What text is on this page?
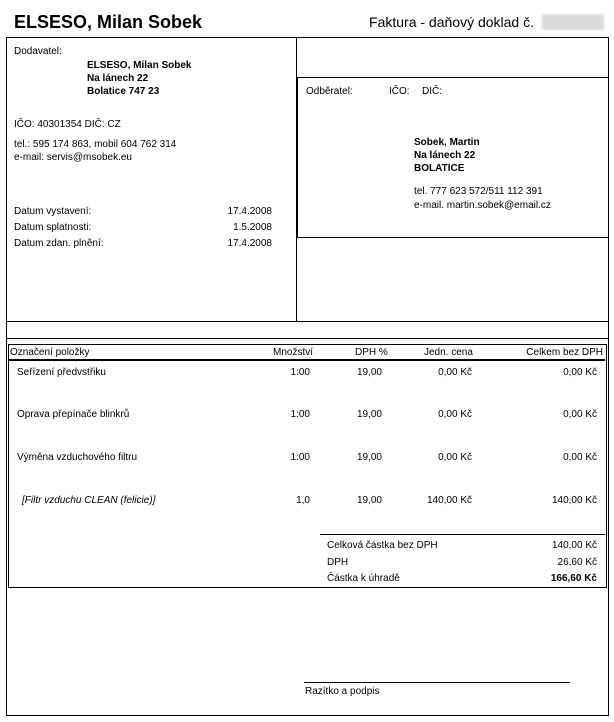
ELSESO, Milan Sobek	Faktura - daňový doklad č.
Dodavatel:
ELSESO, Milan Sobek
Na lánech 22
Bolatice 747 23
IČO: 40301354 DIČ: CZ
tel.: 595 174 863, mobil 604 762 314
e-mail: servis@msobek.eu
Datum vystavení:	17.4.2008
Datum splatnosti:	1.5.2008
Datum zdan. plnění:	17.4.2008
Odběratel:	IČO: DIČ:
Sobek, Martin
Na lánech 22
BOLATICE
tel. 777 623 572/511 112 391
e-mail. martin.sobek@email.cz
Označení položky	Množství	DPH %	Jedn. cena	Celkem bez DPH
Seřízení předvstřiku	1:00	19,00	0,00 Kč	0,00 Kč
Oprava přepínače blinkrů	1:00	19,00	0,00 Kč	0,00 Kč
Výměna vzduchového filtru	1:00	19,00	0,00 Kč	0,00 Kč
[Filtr vzduchu CLEAN (felicie)]	1,0	19,00	140,00 Kč	140,00 Kč
Celková částka bez DPH	140,00 Kč
DPH	26,60 Kč
Částka k úhradě	166,60 Kč
Razítko a podpis
